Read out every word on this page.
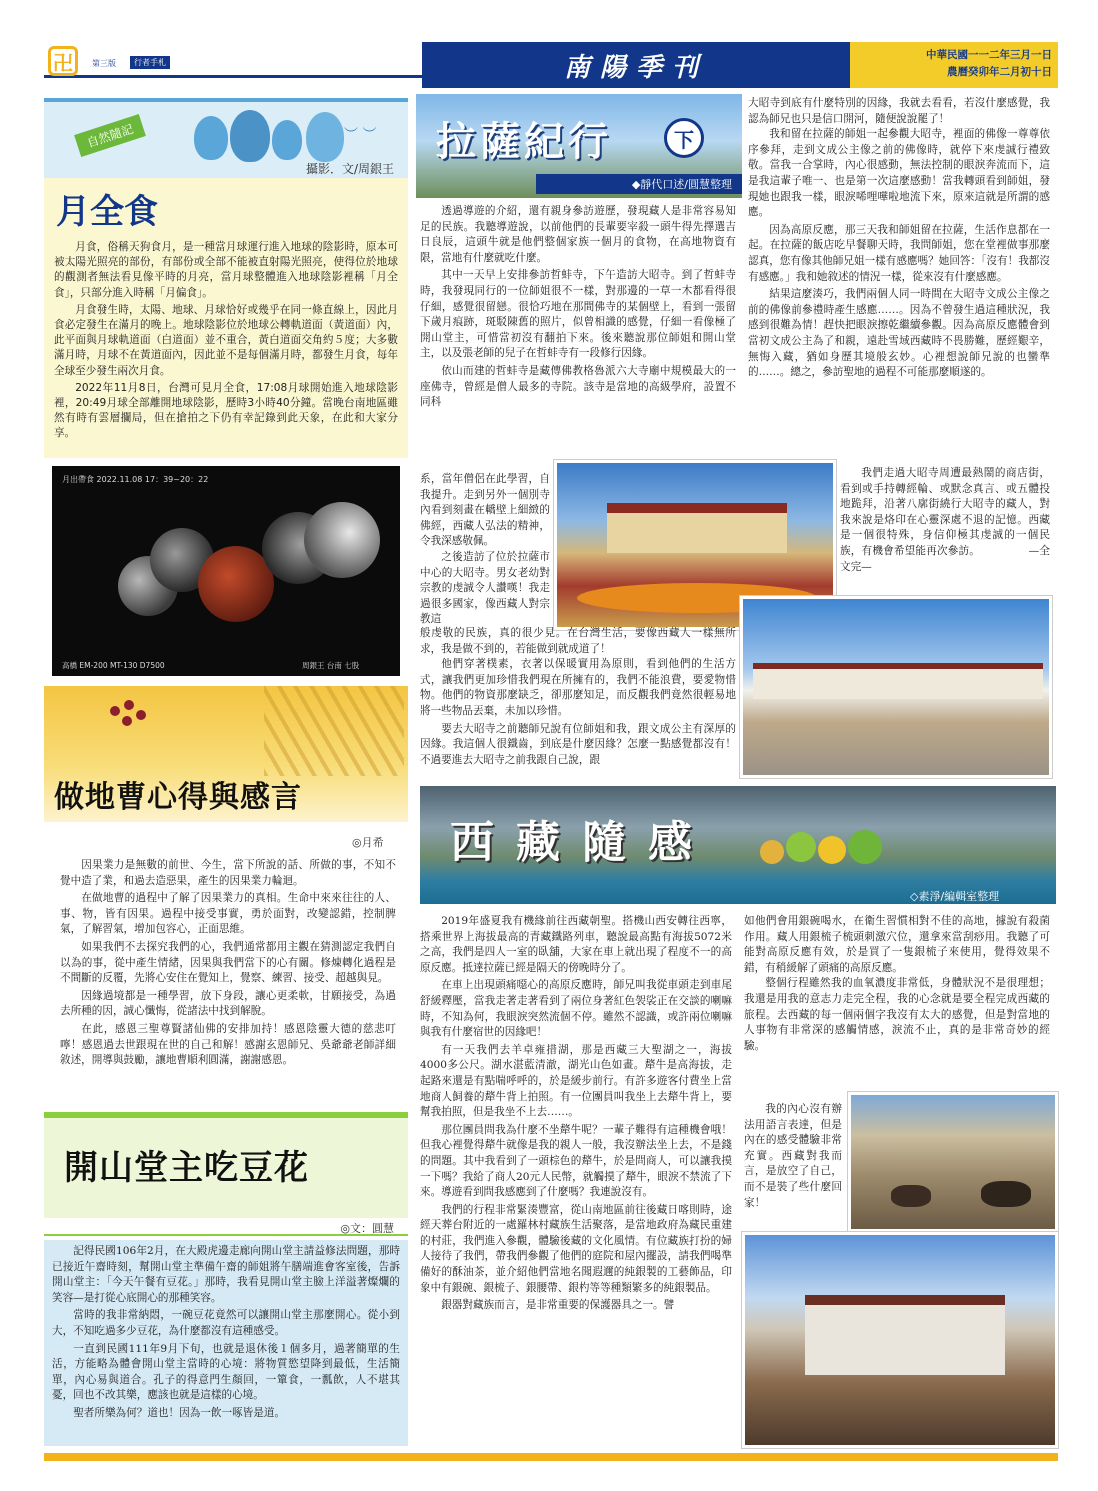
卍	第三版	行者手札	南陽季刊	中華民國一一二年三月一日
農曆癸卯年二月初十日
︶ ︶
自然隨記
攝影．文/周銀王
月全食

月食，俗稱天狗食月，是一種當月球運行進入地球的陰影時，原本可被太陽光照亮的部份，有部份或全部不能被直射陽光照亮，使得位於地球的觀測者無法看見像平時的月亮，當月球整體進入地球陰影裡稱「月全食」，只部分進入時稱「月偏食」。

月食發生時，太陽、地球、月球恰好或幾乎在同一條直線上，因此月食必定發生在滿月的晚上。地球陰影位於地球公轉軌道面（黃道面）內，此平面與月球軌道面（白道面）並不重合，黃白道面交角約５度；大多數滿月時，月球不在黃道面內，因此並不是每個滿月時，都發生月食，每年全球至少發生兩次月食。

2022年11月8日，台灣可見月全食，17:08月球開始進入地球陰影裡，20:49月球全部離開地球陰影，歷時3小時40分鐘。當晚台南地區雖然有時有雲層攔局，但在搶拍之下仍有幸記錄到此天象，在此和大家分享。

月出帶食 2022.11.08 17：39~20：22
高橋 EM-200 MT-130 D7500	周銀王 台南 七股
做地曹心得與感言
◎月希

因果業力是無數的前世、今生，當下所說的話、所做的事，不知不覺中造了業，和過去造惡果，產生的因果業力輪迴。

在做地曹的過程中了解了因果業力的真相。生命中來來往往的人、事、物，皆有因果。過程中接受事實，勇於面對，改變認錯，控制脾氣，了解習氣，增加包容心，正面思維。

如果我們不去探究我們的心，我們通常都用主觀在猜測認定我們自以為的事，從中產生情緒，因果與我們當下的心有關。修煉轉化過程是不間斷的反覆，先將心安住在覺知上，覺察、練習、接受、超越與見。

因緣過境都是一種學習，放下身段，讓心更柔軟，甘願接受，為過去所種的因，誠心懺悔，從諸法中找到解脫。

在此，感恩三聖尊賢諸仙佛的安排加持！感恩陰靈大德的慈悲叮嚀！感恩過去世跟現在世的自己和解！感謝玄恩師兄、吳爺爺老師詳細敘述，開導與鼓勵，讓地曹順利圓滿，謝謝感恩。

開山堂主吃豆花
◎文：圓慧

記得民國106年2月，在大殿虎邊走廊向開山堂主請益修法問題，那時已接近午齋時刻，幫開山堂主準備午齋的師姐將午膳端進會客室後，告訴開山堂主：「今天午餐有豆花。」那時，我看見開山堂主臉上洋溢著燦爛的笑容—是打從心底開心的那種笑容。

當時的我非常納悶，一碗豆花竟然可以讓開山堂主那麼開心。從小到大，不知吃過多少豆花，為什麼都沒有這種感受。

一直到民國111年9月下旬，也就是退休後１個多月，過著簡單的生活，方能略為體會開山堂主當時的心境：將物質慾望降到最低，生活簡單，內心易與道合。孔子的得意門生顏回，一簞食，一瓢飲，人不堪其憂，回也不改其樂，應該也就是這樣的心境。

聖者所樂為何？道也！因為一飲一啄皆是道。

拉薩紀行	下
◆靜代口述/圓慧整理

透過導遊的介紹，還有親身參訪遊歷，發現藏人是非常容易知足的民族。我聽導遊說，以前他們的長輩要宰殺一頭牛得先擇選吉日良辰，這頭牛就是他們整個家族一個月的食物，在高地物資有限，當地有什麼就吃什麼。

其中一天早上安排參訪哲蚌寺，下午造訪大昭寺。到了哲蚌寺時，我發現同行的一位師姐很不一樣，對那邊的一草一木都看得很仔細，感覺很留戀。很恰巧地在那間佛寺的某個壁上，看到一張留下歲月痕跡，斑駁陳舊的照片，似曾相識的感覺，仔細一看像極了開山堂主，可惜當初沒有翻拍下來。後來聽說那位師姐和開山堂主，以及張老師的兒子在哲蚌寺有一段修行因緣。

依山而建的哲蚌寺是藏傳佛教格魯派六大寺廟中規模最大的一座佛寺，曾經是僧人最多的寺院。該寺是當地的高級學府，設置不同科

系，當年僧侶在此學習，自我提升。走到另外一個別寺內看到刻畫在轎壁上細緻的佛經，西藏人弘法的精神，令我深感敬佩。

之後造訪了位於拉薩市中心的大昭寺。男女老幼對宗教的虔誠令人讚嘆！我走過很多國家，像西藏人對宗教這

般虔敬的民族，真的很少見。在台灣生活，要像西藏人一樣無所求，我是做不到的，若能做到就成道了！

他們穿著樸素，衣著以保暖實用為原則，看到他們的生活方式，讓我們更加珍惜我們現在所擁有的，我們不能浪費，要愛物惜物。他們的物資那麼缺乏，卻那麼知足，而反觀我們竟然很輕易地將一些物品丟棄，未加以珍惜。

要去大昭寺之前聽師兄說有位師姐和我，跟文成公主有深厚的因緣。我這個人很鐵齒，到底是什麼因緣？怎麼一點感覺都沒有！不過要進去大昭寺之前我跟自己說，跟

大昭寺到底有什麼特別的因緣，我就去看看，若沒什麼感覺，我認為師兄也只是信口開河，隨便說說罷了！

我和留在拉薩的師姐一起參觀大昭寺，裡面的佛像一尊尊依序參拜，走到文成公主像之前的佛像時，就停下來虔誠行禮致敬。當我一合掌時，內心很感動，無法控制的眼淚奔流而下，這是我這輩子唯一、也是第一次這麼感動！當我轉頭看到師姐，發現她也跟我一樣，眼淚唏哩嘩啦地流下來，原來這就是所謂的感應。

因為高原反應，那三天我和師姐留在拉薩，生活作息都在一起。在拉薩的飯店吃早餐聊天時，我問師姐，您在堂裡做事那麼認真，您有像其他師兄姐一樣有感應嗎？她回答：「沒有！我都沒有感應。」我和她敘述的情況一樣，從來沒有什麼感應。

結果這麼湊巧，我們兩個人同一時間在大昭寺文成公主像之前的佛像前參禮時產生感應……。因為不曾發生過這種狀況，我感到很難為情！趕快把眼淚擦乾繼續參觀。因為高原反應體會到當初文成公主為了和親，遠赴雪域西藏時不畏勝難，歷經艱辛，無悔入藏，猶如身歷其境般玄妙。心裡想說師兄說的也蠻準的……。總之，參訪聖地的過程不可能那麼順遂的。

我們走過大昭寺周遭最熱鬧的商店街，看到或手持轉經輪、或默念真言、或五體投地跪拜，沿著八廓街繞行大昭寺的藏人，對我來說是烙印在心靈深處不退的記憶。西藏是一個很特殊，身信仰極其虔誠的一個民族，有機會希望能再次參訪。　　　　　—全文完—

西藏隨感
◇素淨/編輯室整理

2019年盛夏我有機緣前往西藏朝聖。搭機山西安轉往西寧，搭乘世界上海拔最高的青藏鐵路列車，聽說最高點有海拔5072米之高，我們是四人一室的臥舖，大家在車上就出現了程度不一的高原反應。抵達拉薩已經是隔天的傍晚時分了。

在車上出現頭痛噁心的高原反應時，師兄叫我從車頭走到車尾舒緩釋壓，當我走著走著看到了兩位身著紅色袈裟正在交談的喇嘛時，不知為何，我眼淚突然流個不停。雖然不認識，或許兩位喇嘛與我有什麼宿世的因緣吧！

有一天我們去羊卓雍措湖，那是西藏三大聖湖之一，海拔4000多公尺。湖水湛藍清澈，湖光山色如畫。犛牛是高海拔，走起路來還是有點喘呼呼的，於是緩步前行。有許多遊客付費坐上當地商人飼養的犛牛背上拍照。有一位團員叫我坐上去犛牛背上，要幫我拍照，但是我坐不上去……。

那位團員問我為什麼不坐犛牛呢？一輩子難得有這種機會哦！但我心裡覺得犛牛就像是我的親人一般，我沒辦法坐上去，不是錢的問題。其中我看到了一頭棕色的犛牛，於是問商人，可以讓我摸一下嗎？我給了商人20元人民幣，就觸摸了犛牛，眼淚不禁流了下來。導遊看到問我感應到了什麼嗎？我連說沒有。

我們的行程非常緊湊豐富，從山南地區前往後藏日喀則時，途經天葬台附近的一處羅林村藏族生活聚落，是當地政府為藏民重建的村莊，我們進入參觀，體驗後藏的文化風情。有位藏族打扮的婦人接待了我們，帶我們參觀了他們的庭院和屋內擺設，請我們喝準備好的酥油茶，並介紹他們當地名聞遐邇的純銀製的工藝飾品，印象中有銀碗、銀梳子、銀腰帶、銀杓等等種類繁多的純銀製品。

銀器對藏族而言，是非常重要的保護器具之一。譬

如他們會用銀碗喝水，在衛生習慣相對不佳的高地，據說有殺菌作用。藏人用銀梳子梳頭刺激穴位，還拿來當刮痧用。我聽了可能對高原反應有效，於是買了一隻銀梳子來使用，覺得效果不錯，有稍緩解了頭痛的高原反應。

整個行程雖然我的血氧濃度非常低，身體狀況不是很理想；我還是用我的意志力走完全程，我的心念就是要全程完成西藏的旅程。去西藏的每一個兩個字我沒有太大的感覺，但是對當地的人事物有非常深的感觸情感，淚流不止，真的是非常奇妙的經驗。

我的內心沒有辦法用語言表達，但是內在的感受體驗非常充實。西藏對我而言，是放空了自己，而不是裝了些什麼回家！
